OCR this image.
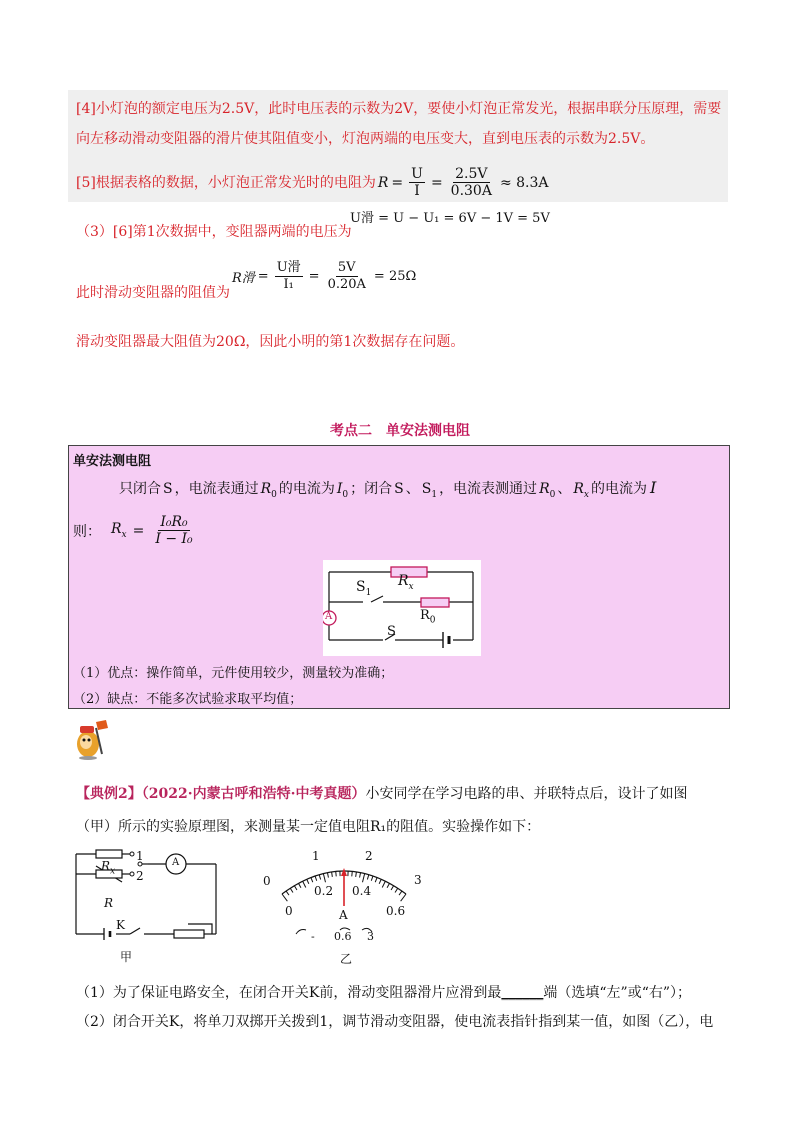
[4]小灯泡的额定电压为2.5V，此时电压表的示数为2V，要使小灯泡正常发光，根据串联分压原理，需要
向左移动滑动变阻器的滑片使其阻值变小，灯泡两端的电压变大，直到电压表的示数为2.5V。
[5]根据表格的数据，小灯泡正常发光时的电阻为 $R = \frac{U}{I} = \frac{2.5V}{0.30A} \approx 8.3A$
（3）[6]第1次数据中，变阻器两端的电压为
U滑 = U − U₁ = 6V − 1V = 5V
此时滑动变阻器的阻值为
R滑 = $\frac{\text{U滑}}{\text{I₁}} = \frac{5V}{0.20A} = 25\Omega$
滑动变阻器最大阻值为20Ω，因此小明的第1次数据存在问题。
考点二　单安法测电阻
单安法测电阻
只闭合 S ，电流表通过 $R_0$ 的电流为 $I_0$ ；闭合 S 、 $S_1$ ，电流表测通过 $R_0$ 、 $R_x$ 的电流为 I
则： $R_x = \frac{\text{I₀R₀}}{\text{I − I₀}}$
$S_1$
$R_x$
$R_0$
A
S
（1）优点：操作简单，元件使用较少，测量较为准确；
（2）缺点：不能多次试验求取平均值；
【典例2】（2022·内蒙古呼和浩特·中考真题）小安同学在学习电路的串、并联特点后，设计了如图
（甲）所示的实验原理图，来测量某一定值电阻R₁的阻值。实验操作如下：
1
2
$R_x$
R
A
K
甲
0
1	2
3
0
0.2 0.4
0.6
A
- 0.6 3
乙
（1）为了保证电路安全，在闭合开关K前，滑动变阻器滑片应滑到最______端（选填“左”或“右”）；
（2）闭合开关K，将单刀双掷开关拨到1，调节滑动变阻器，使电流表指针指到某一值，如图（乙），电
